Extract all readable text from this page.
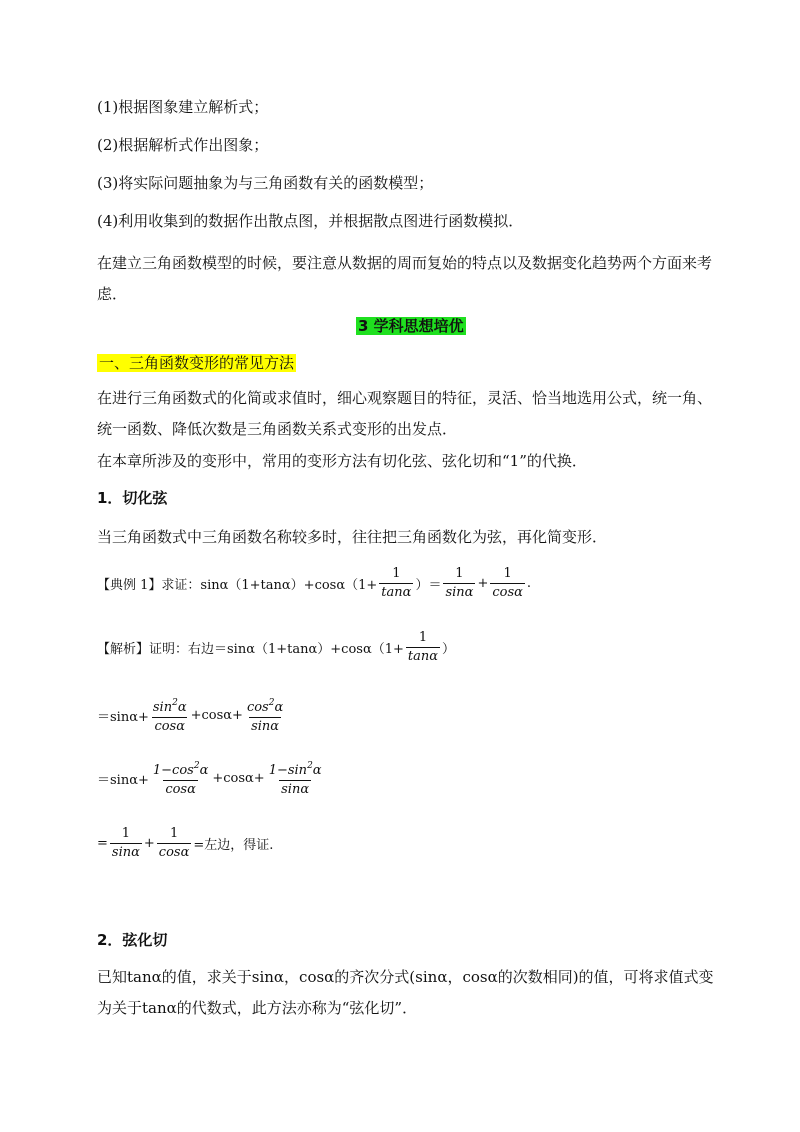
(1)根据图象建立解析式；
(2)根据解析式作出图象；
(3)将实际问题抽象为与三角函数有关的函数模型；
(4)利用收集到的数据作出散点图，并根据散点图进行函数模拟．
在建立三角函数模型的时候，要注意从数据的周而复始的特点以及数据变化趋势两个方面来考虑．
3 学科思想培优
一、三角函数变形的常见方法
在进行三角函数式的化简或求值时，细心观察题目的特征，灵活、恰当地选用公式，统一角、统一函数、降低次数是三角函数关系式变形的出发点．
在本章所涉及的变形中，常用的变形方法有切化弦、弦化切和“1”的代换．
1．切化弦
当三角函数式中三角函数名称较多时，往往把三角函数化为弦，再化简变形．
【典例 1】 求证：$\sin\alpha(1+\tan\alpha)+\cos\alpha(1+ \frac{1}{\tan\alpha}$ ）＝ $\frac{1}{\sin\alpha} + \frac{1}{\cos\alpha}$ .
【解析】 证明：右边$=\sin\alpha(1+\tan\alpha)+\cos\alpha(1+ \frac{1}{\tan\alpha}$ ）
$=\sin\alpha+ \frac{\sin^2\alpha}{\cos\alpha} +\cos\alpha+ \frac{\cos^2\alpha}{\sin\alpha}$
$=\sin\alpha+ \frac{1-\cos^2\alpha}{\cos\alpha} +\cos\alpha+ \frac{1-\sin^2\alpha}{\sin\alpha}$
= $\frac{1}{\sin\alpha} + \frac{1}{\cos\alpha}$ =左边，得证.
2．弦化切
已知tanα的值，求关于sinα，cosα的齐次分式(sinα，cosα的次数相同)的值，可将求值式变为关于tanα的代数式，此方法亦称为“弦化切”．
